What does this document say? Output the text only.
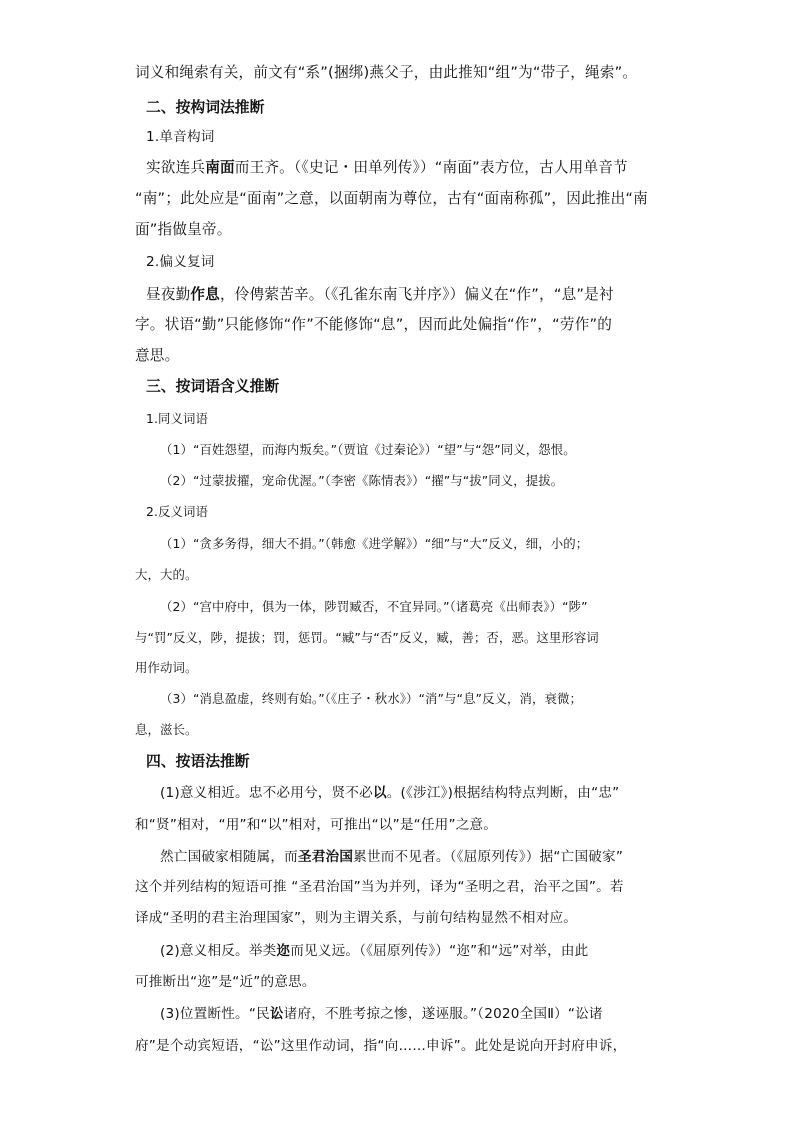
词义和绳索有关，前文有“系”(捆绑)燕父子，由此推知“组”为“带子，绳索”。
二、按构词法推断
1.单音构词
实欲连兵南面而王齐。（《史记・田单列传》）“南面”表方位，古人用单音节
“南”；此处应是“面南”之意，以面朝南为尊位，古有“面南称孤”，因此推出“南
面”指做皇帝。
2.偏义复词
昼夜勤作息，伶俜萦苦辛。（《孔雀东南飞并序》）偏义在“作”，“息”是衬
字。状语“勤”只能修饰“作”不能修饰“息”，因而此处偏指“作”，“劳作”的
意思。
三、按词语含义推断
1.同义词语
（1）“百姓怨望，而海内叛矣。”（贾谊《过秦论》）“望”与“怨”同义，怨恨。
（2）“过蒙拔擢，宠命优渥。”（李密《陈情表》）“擢”与“拔”同义，提拔。
2.反义词语
（1）“贪多务得，细大不捐。”（韩愈《进学解》）“细”与“大”反义，细，小的；
大，大的。
（2）“宫中府中，俱为一体，陟罚臧否，不宜异同。”（诸葛亮《出师表》）“陟”
与“罚”反义，陟，提拔；罚，惩罚。“臧”与“否”反义，臧，善；否，恶。这里形容词
用作动词。
（3）“消息盈虚，终则有始。”（《庄子・秋水》）“消”与“息”反义，消，衰微；
息，滋长。
四、按语法推断
(1)意义相近。忠不必用兮，贤不必以。(《涉江》)根据结构特点判断，由“忠”
和“贤”相对，“用”和“以”相对，可推出“以”是“任用”之意。
然亡国破家相随属，而圣君治国累世而不见者。（《屈原列传》）据“亡国破家”
这个并列结构的短语可推 “圣君治国”当为并列，译为“圣明之君，治平之国”。若
译成“圣明的君主治理国家”，则为主谓关系，与前句结构显然不相对应。
(2)意义相反。举类迩而见义远。（《屈原列传》）“迩”和“远”对举，由此
可推断出“迩”是“近”的意思。
(3)位置断性。“民讼诸府，不胜考掠之惨，遂诬服。”（2020全国Ⅱ）“讼诸
府”是个动宾短语，“讼”这里作动词，指“向……申诉”。此处是说向开封府申诉，
